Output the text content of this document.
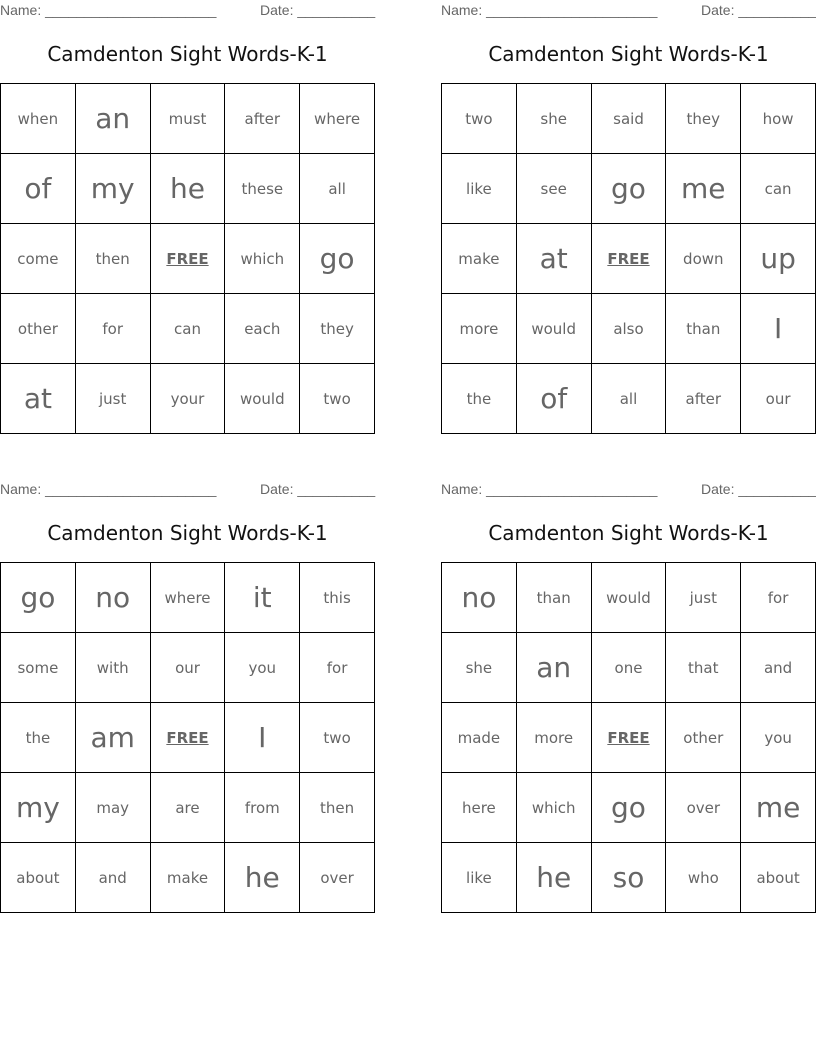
Name: ______________________	Date: __________
Camdenton Sight Words-K-1
when	an	must	after	where
of	my	he	these	all
come	then	FREE	which	go
other	for	can	each	they
at	just	your	would	two
Name: ______________________	Date: __________
Camdenton Sight Words-K-1
two	she	said	they	how
like	see	go	me	can
make	at	FREE	down	up
more	would	also	than	I
the	of	all	after	our
Name: ______________________	Date: __________
Camdenton Sight Words-K-1
go	no	where	it	this
some	with	our	you	for
the	am	FREE	I	two
my	may	are	from	then
about	and	make	he	over
Name: ______________________	Date: __________
Camdenton Sight Words-K-1
no	than	would	just	for
she	an	one	that	and
made	more	FREE	other	you
here	which	go	over	me
like	he	so	who	about
